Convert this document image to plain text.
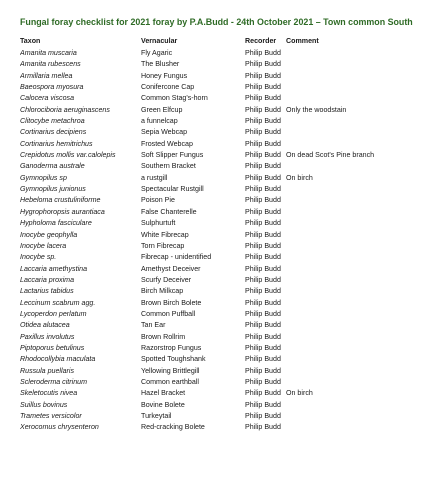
Fungal foray checklist for 2021 foray by P.A.Budd - 24th October 2021 – Town common South
Taxon	Vernacular	Recorder	Comment
Amanita muscaria	Fly Agaric	Philip Budd
Amanita rubescens	The Blusher	Philip Budd
Armillaria mellea	Honey Fungus	Philip Budd
Baeospora myosura	Conifercone Cap	Philip Budd
Calocera viscosa	Common Stag's-horn	Philip Budd
Chlorociboria aeruginascens	Green Elfcup	Philip Budd Only the woodstain
Clitocybe metachroa	a funnelcap	Philip Budd
Cortinarius decipiens	Sepia Webcap	Philip Budd
Cortinarius hemitrichus	Frosted Webcap	Philip Budd
Crepidotus mollis var.calolepis	Soft Slipper Fungus	Philip Budd On dead Scot's Pine branch
Ganoderma australe	Southern Bracket	Philip Budd
Gymnopilus sp	a rustgill	Philip Budd On birch
Gymnopilus junionus	Spectacular Rustgill	Philip Budd
Hebeloma crustuliniforme	Poison Pie	Philip Budd
Hygrophoropsis aurantiaca	False Chanterelle	Philip Budd
Hypholoma fasciculare	Sulphurtuft	Philip Budd
Inocybe geophylla	White Fibrecap	Philip Budd
Inocybe lacera	Torn Fibrecap	Philip Budd
Inocybe sp.	Fibrecap - unidentified	Philip Budd
Laccaria amethystina	Amethyst Deceiver	Philip Budd
Laccaria proxima	Scurfy Deceiver	Philip Budd
Lactarius tabidus	Birch Milkcap	Philip Budd
Leccinum scabrum agg.	Brown Birch Bolete	Philip Budd
Lycoperdon perlatum	Common Puffball	Philip Budd
Otidea alutacea	Tan Ear	Philip Budd
Paxillus involutus	Brown Rollrim	Philip Budd
Piptoporus betulinus	Razorstrop Fungus	Philip Budd
Rhodocollybia maculata	Spotted Toughshank	Philip Budd
Russula puellaris	Yellowing Brittlegill	Philip Budd
Scleroderma citrinum	Common earthball	Philip Budd
Skeletocutis nivea	Hazel Bracket	Philip Budd On birch
Suillus bovinus	Bovine Bolete	Philip Budd
Trametes versicolor	Turkeytail	Philip Budd
Xerocomus chrysenteron	Red-cracking Bolete	Philip Budd
